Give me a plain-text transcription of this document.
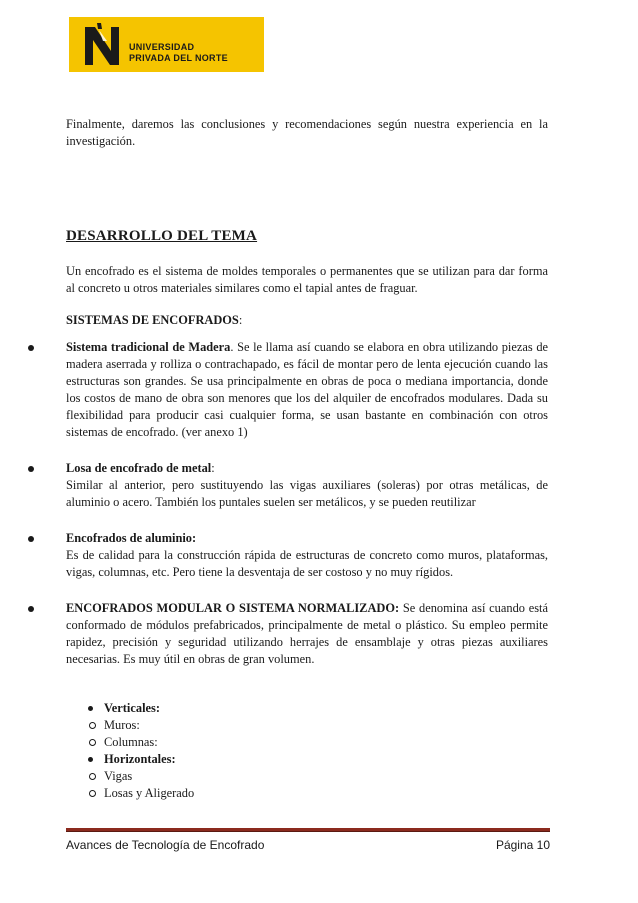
UNIVERSIDAD
PRIVADA DEL NORTE

Finalmente, daremos las conclusiones y recomendaciones según nuestra experiencia en la investigación.

DESARROLLO DEL TEMA

Un encofrado es el sistema de moldes temporales o permanentes que se utilizan para dar forma al concreto u otros materiales similares como el tapial antes de fraguar.

SISTEMAS DE ENCOFRADOS:

Sistema tradicional de Madera. Se le llama así cuando se elabora en obra utilizando piezas de madera aserrada y rolliza o contrachapado, es fácil de montar pero de lenta ejecución cuando las estructuras son grandes. Se usa principalmente en obras de poca o mediana importancia, donde los costos de mano de obra son menores que los del alquiler de encofrados modulares. Dada su flexibilidad para producir casi cualquier forma, se usan bastante en combinación con otros sistemas de encofrado. (ver anexo 1)

Losa de encofrado de metal:
Similar al anterior, pero sustituyendo las vigas auxiliares (soleras) por otras metálicas, de aluminio o acero. También los puntales suelen ser metálicos, y se pueden reutilizar

Encofrados de aluminio:
Es de calidad para la construcción rápida de estructuras de concreto como muros, plataformas, vigas, columnas, etc. Pero tiene la desventaja de ser costoso y no muy rígidos.

ENCOFRADOS MODULAR O SISTEMA NORMALIZADO: Se denomina así cuando está conformado de módulos prefabricados, principalmente de metal o plástico. Su empleo permite rapidez, precisión y seguridad utilizando herrajes de ensamblaje y otras piezas auxiliares necesarias. Es muy útil en obras de gran volumen.

Verticales:
Muros:
Columnas:
Horizontales:
Vigas
Losas y Aligerado
Avances de Tecnología de Encofrado	Página 10
